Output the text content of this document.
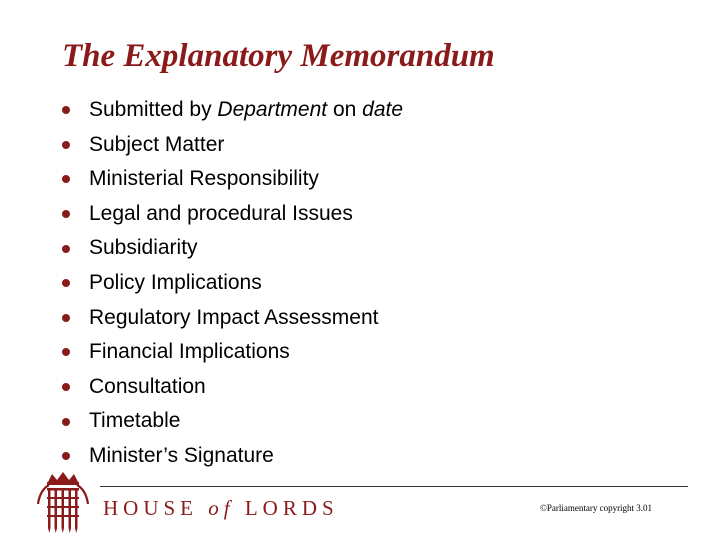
The Explanatory Memorandum
Submitted by Department on date
Subject Matter
Ministerial Responsibility
Legal and procedural Issues
Subsidiarity
Policy Implications
Regulatory Impact Assessment
Financial Implications
Consultation
Timetable
Minister’s Signature
HOUSE of LORDS	©Parliamentary copyright 3.01
